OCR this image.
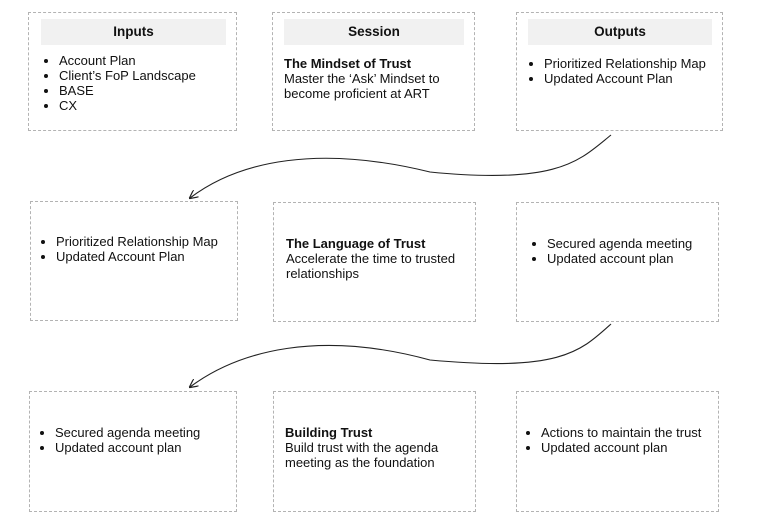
Inputs
• Account Plan
• Client’s FoP Landscape
• BASE
• CX
Session
The Mindset of Trust
Master the ‘Ask’ Mindset to become proficient at ART
Outputs
• Prioritized Relationship Map
• Updated Account Plan
• Prioritized Relationship Map
• Updated Account Plan
The Language of Trust
Accelerate the time to trusted relationships
• Secured agenda meeting
• Updated account plan
• Secured agenda meeting
• Updated account plan
Building Trust
Build trust with the agenda meeting as the foundation
• Actions to maintain the trust
• Updated account plan
